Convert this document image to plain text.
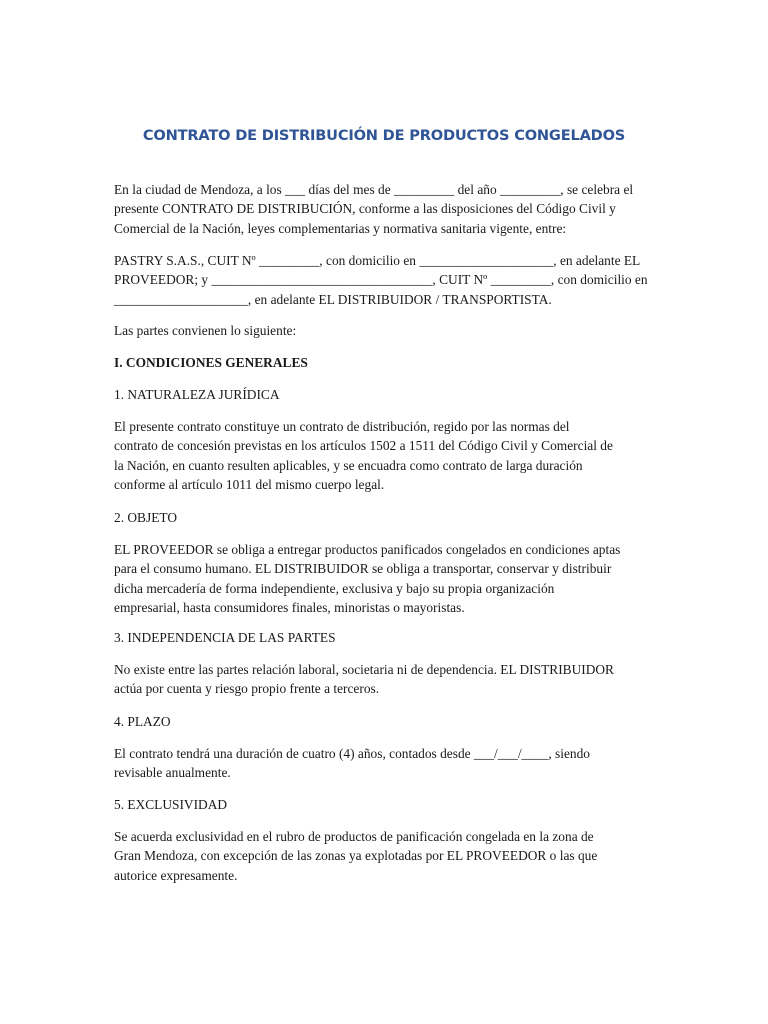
CONTRATO DE DISTRIBUCIÓN DE PRODUCTOS CONGELADOS

En la ciudad de Mendoza, a los ___ días del mes de _________ del año _________, se celebra el
presente CONTRATO DE DISTRIBUCIÓN, conforme a las disposiciones del Código Civil y
Comercial de la Nación, leyes complementarias y normativa sanitaria vigente, entre:

PASTRY S.A.S., CUIT Nº _________, con domicilio en ____________________, en adelante EL
PROVEEDOR; y _________________________________, CUIT Nº _________, con domicilio en
____________________, en adelante EL DISTRIBUIDOR / TRANSPORTISTA.

Las partes convienen lo siguiente:

I. CONDICIONES GENERALES

1. NATURALEZA JURÍDICA

El presente contrato constituye un contrato de distribución, regido por las normas del
contrato de concesión previstas en los artículos 1502 a 1511 del Código Civil y Comercial de
la Nación, en cuanto resulten aplicables, y se encuadra como contrato de larga duración
conforme al artículo 1011 del mismo cuerpo legal.

2. OBJETO

EL PROVEEDOR se obliga a entregar productos panificados congelados en condiciones aptas
para el consumo humano. EL DISTRIBUIDOR se obliga a transportar, conservar y distribuir
dicha mercadería de forma independiente, exclusiva y bajo su propia organización
empresarial, hasta consumidores finales, minoristas o mayoristas.

3. INDEPENDENCIA DE LAS PARTES

No existe entre las partes relación laboral, societaria ni de dependencia. EL DISTRIBUIDOR
actúa por cuenta y riesgo propio frente a terceros.

4. PLAZO

El contrato tendrá una duración de cuatro (4) años, contados desde ___/___/____, siendo
revisable anualmente.

5. EXCLUSIVIDAD

Se acuerda exclusividad en el rubro de productos de panificación congelada en la zona de
Gran Mendoza, con excepción de las zonas ya explotadas por EL PROVEEDOR o las que
autorice expresamente.
